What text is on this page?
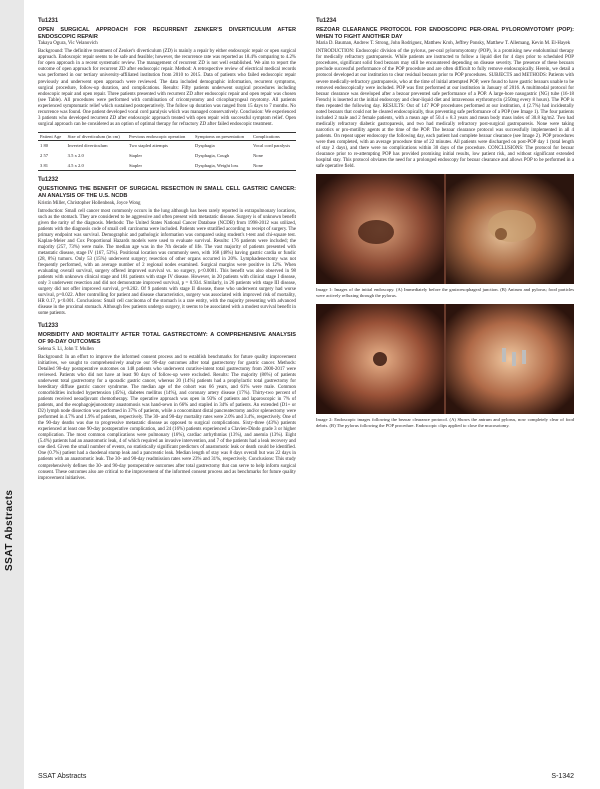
SSAT Abstracts
Tu1231
OPEN SURGICAL APPROACH FOR RECURRENT ZENKER'S DIVERTICULUM AFTER ENDOSCOPIC REPAIR
Takaya Ogura, Vic Velanovich

Background: The definitive treatment of Zenker's diverticulum (ZD) is mainly a repair by either endoscopic repair or open surgical approach. Endoscopic repair seems to be safe and feasible; however, the recurrence rate was reported as 18.4% comparing to 4.2% for open approach in a recent systematic review. The management of recurrent ZD is not well established. We aim to report the outcome of open approach for recurrent ZD after endoscopic repair. Method: A retrospective review of electrical medical records was performed in our tertiary university-affiliated institution from 2010 to 2015. Data of patients who failed endoscopic repair previously and underwent open approach were reviewed. The data included demographic information, recurrent symptoms, surgical procedure, follow-up duration, and complications. Results: Fifty patients underwent surgical procedures including endoscopic repair and open repair. Three patients presented with recurrent ZD after endoscopic repair and open repair was chosen (see Table). All procedures were performed with combination of cricomyotomy and cricopharyngeal myotomy. All patients experienced symptomatic relief which sustained postoperatively. The follow up duration was ranged from 15 days to 7 months. No recurrence was found. One patient developed vocal cord paralysis which was managed conservatively. Conclusion: We experienced 3 patients who developed recurrent ZD after endoscopic approach treated with open repair with successful symptom relief. Open surgical approach can be considered as an option of optimal therapy for refractory ZD after failed endoscopic treatment.

Patient Age	Size of diverticulum (in cm)	Previous endoscopic operation	Symptoms on presentation	Complications
1 80	Inverted diverticulum	Two stapled attempts	Dysphagia	Vocal cord paralysis
2 57	3.5 x 2.0	Stapler	Dysphagia, Cough	None
3 81	4.5 x 2.0	Stapler	Dysphagia, Weight loss	None
Tu1232
QUESTIONING THE BENEFIT OF SURGICAL RESECTION IN SMALL CELL GASTRIC CANCER: AN ANALYSIS OF THE U.S. NCDB
Kristin Miller, Christopher Hollenbeak, Joyce Wong

Introduction: Small cell cancer most commonly occurs in the lung although has been rarely reported in extrapulmonary locations, such as the stomach. They are considered to be aggressive and often present with metastatic disease. Surgery is of unknown benefit given the rarity of the diagnosis. Methods: The United States National Cancer Database (NCDB) from 1998-2012 was utilized, patients with the diagnosis code of small cell carcinoma were included. Patients were stratified according to receipt of surgery. The primary endpoint was survival. Demographic and pathologic information was compared using student's t-test and chi-square test. Kaplan-Meier and Cox Proportional Hazards models were used to evaluate survival. Results: 176 patients were included; the majority (257, 73%) were male. The median age was in the 7th decade of life. The vast majority of patients presented with metastatic disease, stage IV (167, 53%). Positional location was commonly seen, with 168 (48%) having gastric cardia or fundic (28, 8%) tumors. Only 53 (15%) underwent surgery; resection of other organs occurred in 20%. Lymphadenectomy was not frequently performed, with an average number of 2 regional nodes examined. Surgical margins were positive in 12%. When evaluating overall survival, surgery offered improved survival vs. no surgery, p<0.0001. This benefit was also observed in 98 patients with unknown clinical stage and 181 patients with stage IV disease. However, in 20 patients with clinical stage I disease, only 3 underwent resection and did not demonstrate improved survival, p = 0.934. Similarly, in 26 patients with stage III disease, surgery did not offer improved survival, p=0.202. Of 9 patients with stage II disease, those who underwent surgery had worse survival, p=0.022. After controlling for patient and disease characteristics, surgery was associated with improved risk of mortality, HR 0.17, p<0.001. Conclusions: Small cell carcinoma of the stomach is a rare entity, with the majority presenting with advanced disease in the proximal stomach. Although few patients undergo surgery, it seems to be associated with a modest survival benefit in some patients.

Tu1233
MORBIDITY AND MORTALITY AFTER TOTAL GASTRECTOMY: A COMPREHENSIVE ANALYSIS OF 90-DAY OUTCOMES
Selena S. Li, John T. Mullen

Background: In an effort to improve the informed consent process and to establish benchmarks for future quality improvement initiatives, we sought to comprehensively analyze our 90-day outcomes after total gastrectomy for gastric cancer. Methods: Detailed 90-day postoperative outcomes on 148 patients who underwent curative-intent total gastrectomy from 2000-2017 were reviewed. Patients who did not have at least 90 days of follow-up were excluded. Results: The majority (86%) of patients underwent total gastrectomy for a sporadic gastric cancer, whereas 20 (14%) patients had a prophylactic total gastrectomy for hereditary diffuse gastric cancer syndrome. The median age of the cohort was 66 years, and 61% were male. Common comorbidities included hypertension (45%), diabetes mellitus (14%), and coronary artery disease (17%). Thirty-two percent of patients received neoadjuvant chemotherapy. The operative approach was open in 93% of patients and laparoscopic in 7% of patients, and the esophagojejunostomy anastomosis was hand-sewn in 66% and stapled in 34% of patients. An extended (D1+ or D2) lymph node dissection was performed in 37% of patients, while a concomitant distal pancreatectomy and/or splenectomy were performed in 4.7% and 1.9% of patients, respectively. The 30- and 90-day mortality rates were 2.0% and 3.4%, respectively. One of the 90-day deaths was due to progressive metastatic disease as opposed to surgical complications. Sixty-three (43%) patients experienced at least one 90-day postoperative complication, and 24 (16%) patients experienced a Clavien-Dindo grade 3 or higher complication. The most common complications were pulmonary (16%), cardiac arrhythmias (13%), and anemia (13%). Eight (5.4%) patients had an anastomotic leak, 4 of which required an invasive intervention, and 7 of the patients had a leak recovery and one died. Given the small number of events, no statistically significant predictors of anastomotic leak or death could be identified. One (0.7%) patient had a duodenal stump leak and a pancreatic leak. Median length of stay was 8 days overall but was 22 days in patients with an anastomotic leak. The 30- and 90-day readmission rates were 23% and 31%, respectively. Conclusions: This study comprehensively defines the 30- and 90-day postoperative outcomes after total gastrectomy that can serve to help inform surgical consent. These outcomes also are critical to the improvement of the informed consent process and as benchmarks for future quality improvement initiatives.

Tu1234
REZOAR CLEARANCE PROTOCOL FOR ENDOSCOPIC PER-ORAL PYLOROMYOTOMY (POP): WHEN TO FIGHT ANOTHER DAY
Maria D. Bauman, Andrew T. Strong, John Rodriguez, Matthew Kroh, Jeffrey Ponsky, Matthew T. Allemang, Kevin M. El-Hayek

INTRODUCTION: Endoscopic division of the pylorus, per-oral pyloromyotomy (POP), is a promising new endoluminal therapy for medically refractory gastroparesis. While patients are instructed to follow a liquid diet for 4 days prior to scheduled POP procedures, significant solid food bezoars may still be encountered depending on disease severity. The presence of these bezoars preclude successful performance of the POP procedure and are often difficult to fully remove endoscopically. Herein, we detail a protocol developed at our institution to clear residual bezoars prior to POP procedures. SUBJECTS and METHODS: Patients with severe medically-refractory gastroparesis, who at the time of initial attempted POP, were found to have gastric bezoars unable to be removed endoscopically were included. POP was first performed at our institution in January of 2016. A multimodal protocol for bezoar clearance was developed after a bezoar prevented safe performance of a POP. A large-bore nasogastric (NG) tube (16-18 French) is inserted at the initial endoscopy and clear-liquid diet and intravenous erythromycin (250mg every 8 hours). The POP is then repeated the following day. RESULTS: Out of 147 POP procedures performed at our institution, 4 (2.7%) had incidentally noted bezoars that could not be cleared endoscopically, thus preventing safe performance of a POP (see Image 1). The four patients included 2 male and 2 female patients, with a mean age of 50.4 ± 8.3 years and mean body mass index of 30.8 kg/m2. Two had medically refractory diabetic gastroparesis, and two had medically refractory post-surgical gastroparesis. None were taking narcotics or pro-motility agents at the time of the POP. The bezoar clearance protocol was successfully implemented in all 4 patients. On repeat upper endoscopy the following day, each patient had complete bezoar clearance (see Image 2). POP procedures were then completed, with an average procedure time of 22 minutes. All patients were discharged on post-POP day 1 (total length of stay 2 days), and there were no complications within 30 days of the procedure. CONCLUSIONS: The protocol for bezoar clearance prior to re-attempting POP has provided promising initial results, low patient risk, and without significant extended hospital stay. This protocol obviates the need for a prolonged endoscopy for bezoar clearance and allows POP to be performed in a safe operative field.

Image 1: Images of the initial endoscopy. (A) Immediately before the gastroesophageal junction. (B) Antrum and pylorus; food particles were actively refluxing through the pylorus.

Image 2: Endoscopic images following the bezoar clearance protocol. (A) Shows the antrum and pylorus, now completely clear of food debris. (B) The pylorus following the POP procedure. Endoscopic clips applied to close the mucosotomy.

SSAT Abstracts	S-1342
